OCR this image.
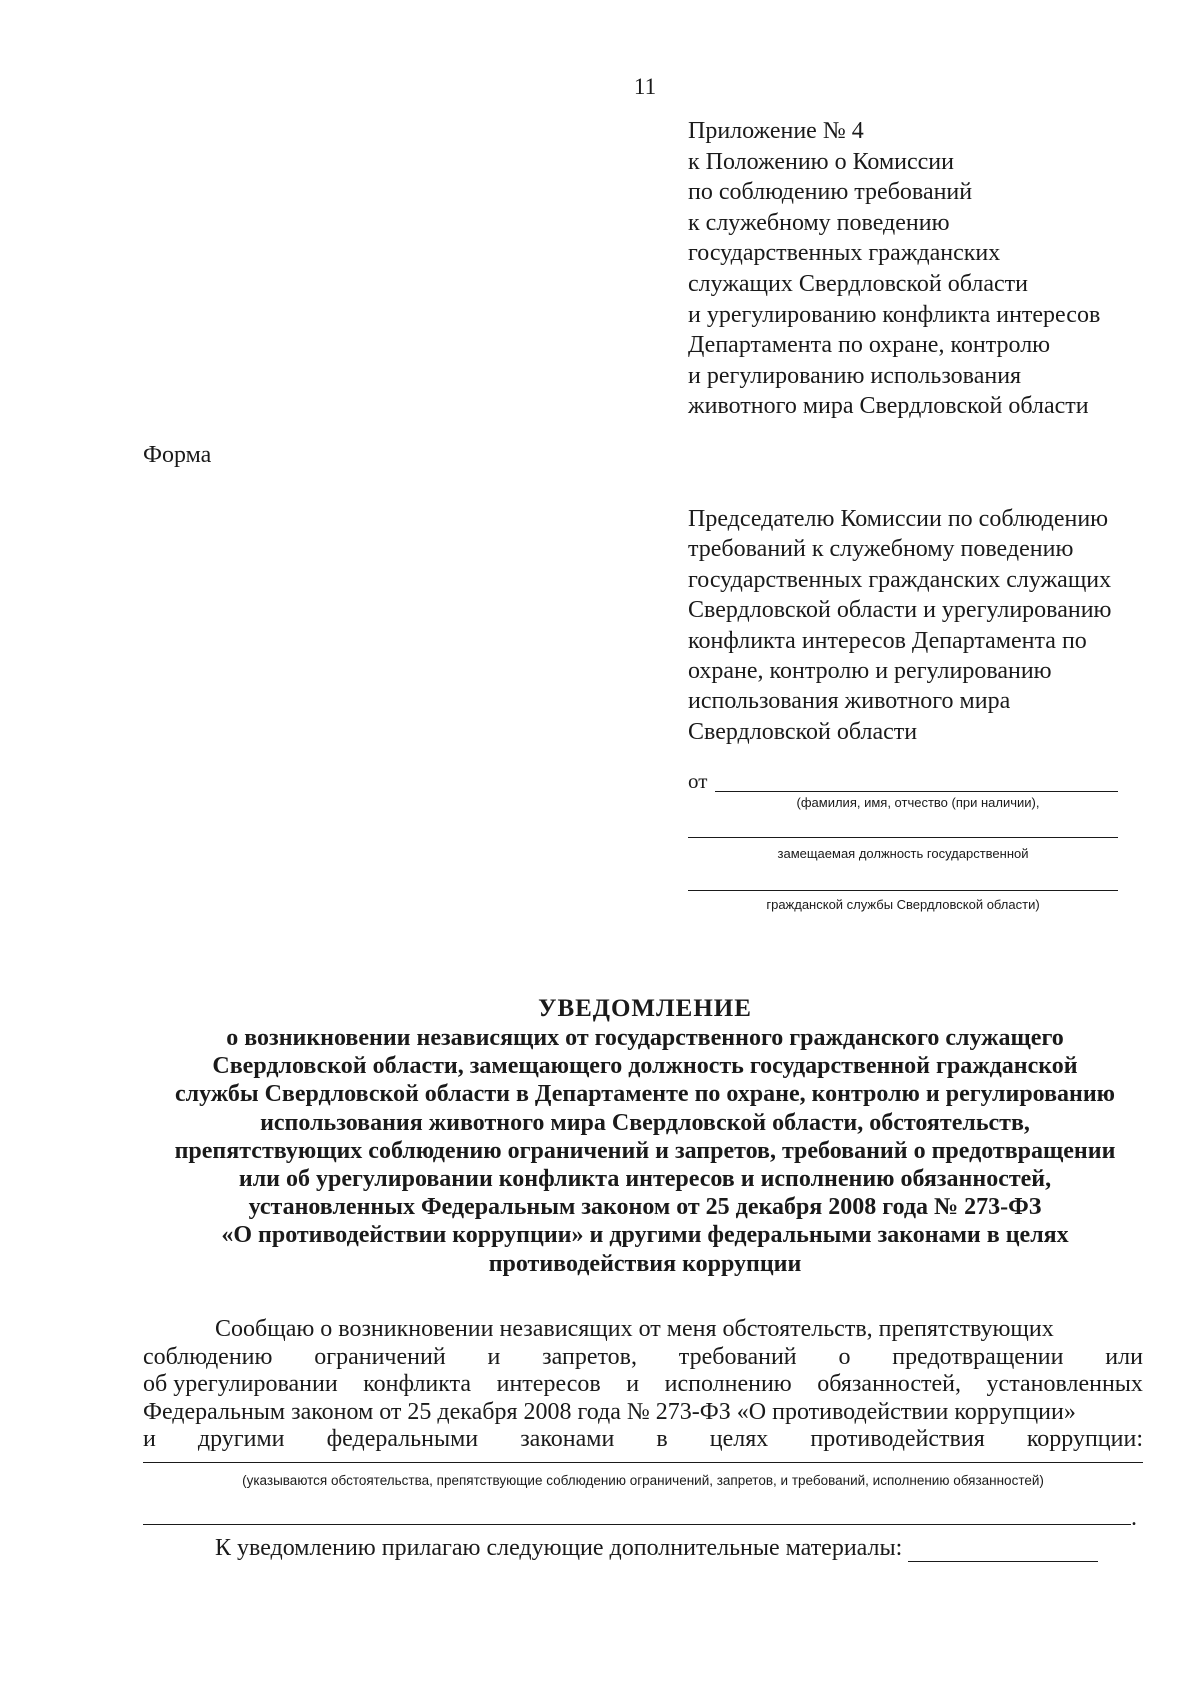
11
Приложение № 4
к Положению о Комиссии
по соблюдению требований
к служебному поведению
государственных гражданских
служащих Свердловской области
и урегулированию конфликта интересов
Департамента по охране, контролю
и регулированию использования
животного мира Свердловской области
Форма
Председателю Комиссии по соблюдению
требований к служебному поведению
государственных гражданских служащих
Свердловской области и урегулированию
конфликта интересов Департамента по
охране, контролю и регулированию
использования животного мира
Свердловской области
от
(фамилия, имя, отчество (при наличии),
замещаемая должность государственной
гражданской службы Свердловской области)
УВЕДОМЛЕНИЕ
о возникновении независящих от государственного гражданского служащего
Свердловской области, замещающего должность государственной гражданской
службы Свердловской области в Департаменте по охране, контролю и регулированию
использования животного мира Свердловской области, обстоятельств,
препятствующих соблюдению ограничений и запретов, требований о предотвращении
или об урегулировании конфликта интересов и исполнению обязанностей,
установленных Федеральным законом от 25 декабря 2008 года № 273-ФЗ
«О противодействии коррупции» и другими федеральными законами в целях
противодействия коррупции
Сообщаю о возникновении независящих от меня обстоятельств, препятствующих
соблюдению ограничений и запретов, требований о предотвращении или
об урегулировании конфликта интересов и исполнению обязанностей, установленных
Федеральным законом от 25 декабря 2008 года № 273-ФЗ «О противодействии коррупции»
и другими федеральными законами в целях противодействия коррупции:
(указываются обстоятельства, препятствующие соблюдению ограничений, запретов, и требований, исполнению обязанностей)
.
К уведомлению прилагаю следующие дополнительные материалы:
